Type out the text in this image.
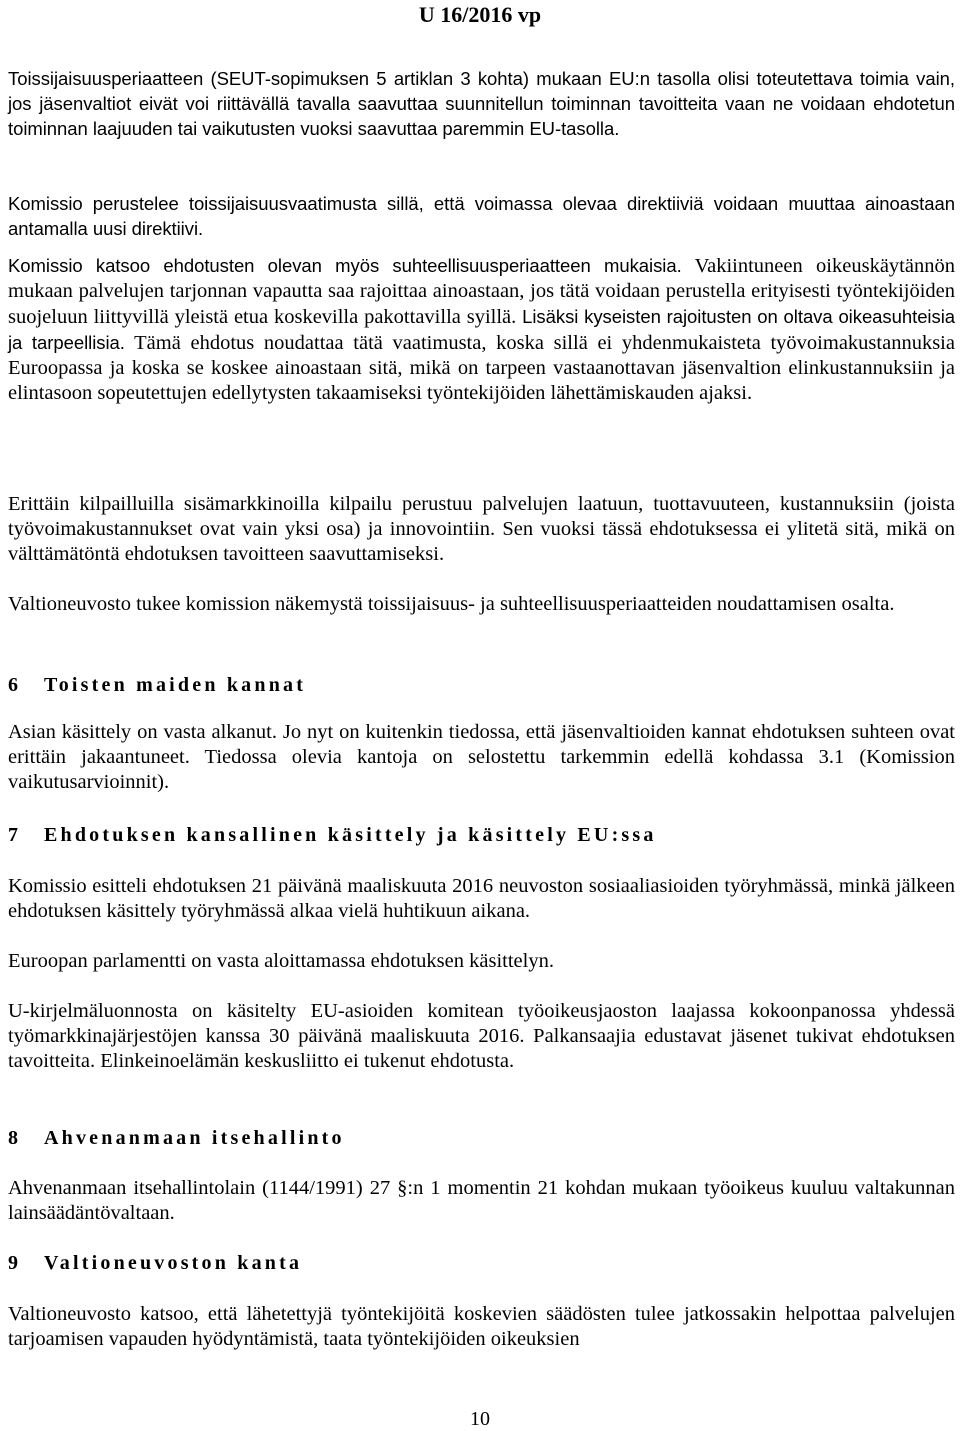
U 16/2016 vp

Toissijaisuusperiaatteen (SEUT-sopimuksen 5 artiklan 3 kohta) mukaan EU:n tasolla olisi toteutettava toimia vain, jos jäsenvaltiot eivät voi riittävällä tavalla saavuttaa suunnitellun toiminnan tavoitteita vaan ne voidaan ehdotetun toiminnan laajuuden tai vaikutusten vuoksi saavuttaa paremmin EU-tasolla.

Komissio perustelee toissijaisuusvaatimusta sillä, että voimassa olevaa direktiiviä voidaan muuttaa ainoastaan antamalla uusi direktiivi.

Komissio katsoo ehdotusten olevan myös suhteellisuusperiaatteen mukaisia. Vakiintuneen oikeuskäytännön mukaan palvelujen tarjonnan vapautta saa rajoittaa ainoastaan, jos tätä voidaan perustella erityisesti työntekijöiden suojeluun liittyvillä yleistä etua koskevilla pakottavilla syillä. Lisäksi kyseisten rajoitusten on oltava oikeasuhteisia ja tarpeellisia. Tämä ehdotus noudattaa tätä vaatimusta, koska sillä ei yhdenmukaisteta työvoimakustannuksia Euroopassa ja koska se koskee ainoastaan sitä, mikä on tarpeen vastaanottavan jäsenvaltion elinkustannuksiin ja elintasoon sopeutettujen edellytysten takaamiseksi työntekijöiden lähettämiskauden ajaksi.

Erittäin kilpailluilla sisämarkkinoilla kilpailu perustuu palvelujen laatuun, tuottavuuteen, kustannuksiin (joista työvoimakustannukset ovat vain yksi osa) ja innovointiin. Sen vuoksi tässä ehdotuksessa ei ylitetä sitä, mikä on välttämätöntä ehdotuksen tavoitteen saavuttamiseksi.

Valtioneuvosto tukee komission näkemystä toissijaisuus- ja suhteellisuusperiaatteiden noudattamisen osalta.

6 Toisten maiden kannat

Asian käsittely on vasta alkanut. Jo nyt on kuitenkin tiedossa, että jäsenvaltioiden kannat ehdotuksen suhteen ovat erittäin jakaantuneet. Tiedossa olevia kantoja on selostettu tarkemmin edellä kohdassa 3.1 (Komission vaikutusarvioinnit).

7 Ehdotuksen kansallinen käsittely ja käsittely EU:ssa

Komissio esitteli ehdotuksen 21 päivänä maaliskuuta 2016 neuvoston sosiaaliasioiden työryhmässä, minkä jälkeen ehdotuksen käsittely työryhmässä alkaa vielä huhtikuun aikana.

Euroopan parlamentti on vasta aloittamassa ehdotuksen käsittelyn.

U-kirjelmäluonnosta on käsitelty EU-asioiden komitean työoikeusjaoston laajassa kokoonpanossa yhdessä työmarkkinajärjestöjen kanssa 30 päivänä maaliskuuta 2016. Palkansaajia edustavat jäsenet tukivat ehdotuksen tavoitteita. Elinkeinoelämän keskusliitto ei tukenut ehdotusta.

8 Ahvenanmaan itsehallinto

Ahvenanmaan itsehallintolain (1144/1991) 27 §:n 1 momentin 21 kohdan mukaan työoikeus kuuluu valtakunnan lainsäädäntövaltaan.

9 Valtioneuvoston kanta

Valtioneuvosto katsoo, että lähetettyjä työntekijöitä koskevien säädösten tulee jatkossakin helpottaa palvelujen tarjoamisen vapauden hyödyntämistä, taata työntekijöiden oikeuksien

10
